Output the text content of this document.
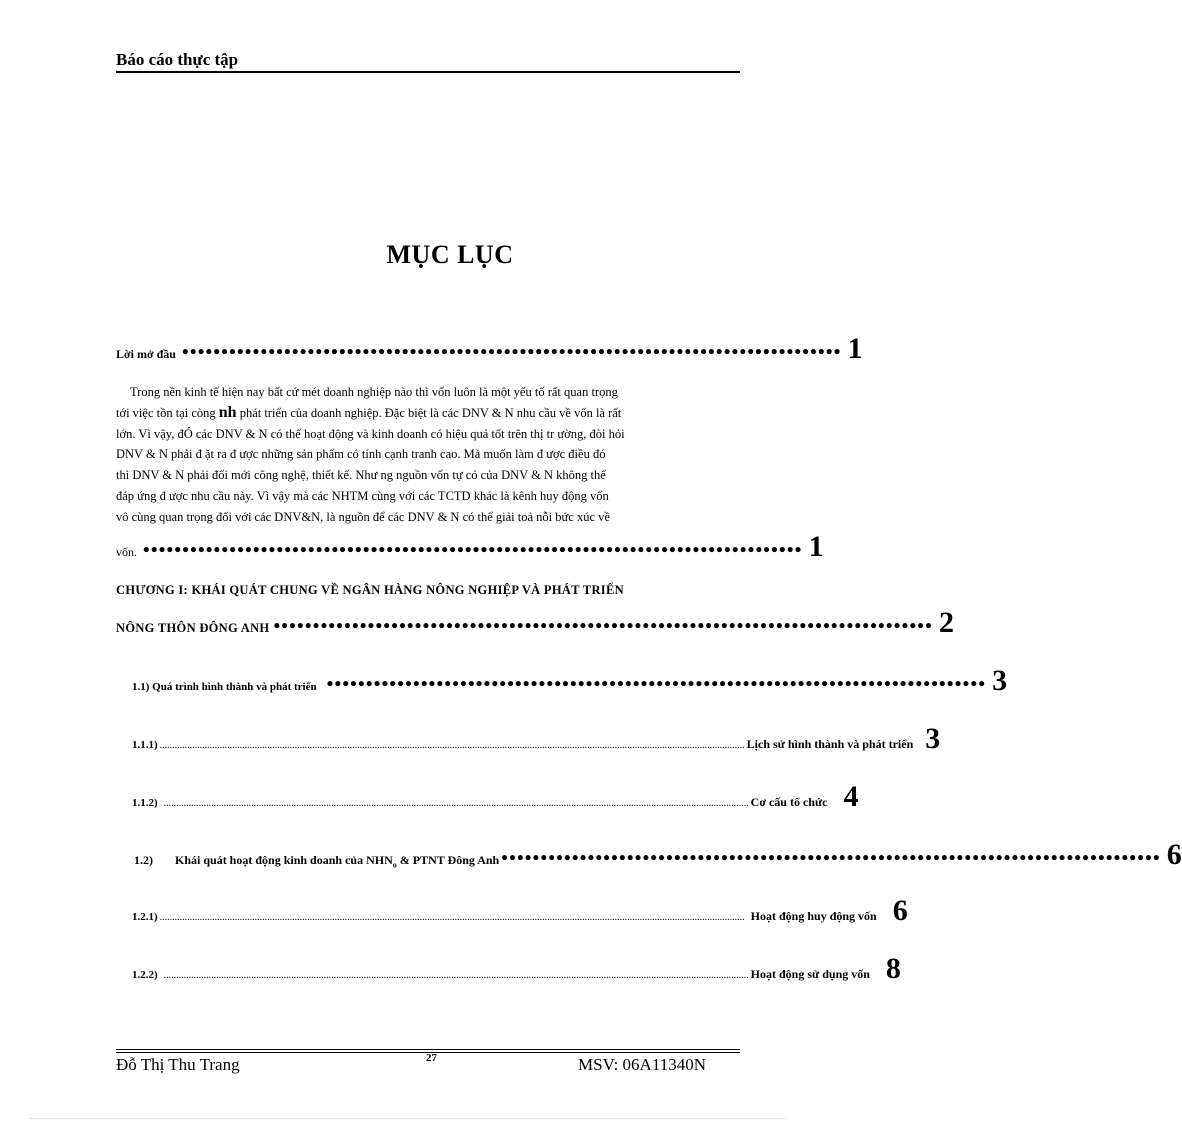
Báo cáo thực tập
MỤC LỤC
Lời mở đầu •••••••••••••••••••••••••••••••••••••••••••••••••••••••••••••••••••••••••••••••••••• 1

Trong nền kinh tế hiện nay bất cứ mét doanh nghiệp nào thì vốn luôn là một yếu tố rất quan trọng

tới việc tồn tại còng nh phát triển của doanh nghiệp. Đặc biệt là các DNV & N nhu cầu về vốn là rất

lớn. Vì vậy, đÓ các DNV & N có thể hoạt động và kinh doanh có hiệu quả tốt trên thị tr ường, đòi hỏi

DNV & N phải đ ặt ra đ ược những sản phẩm có tính cạnh tranh cao. Mà muốn làm đ ược điều đó

thì DNV & N phải đổi mới công nghệ, thiết kế. Như ng nguồn vốn tự có của DNV & N không thể

đáp ứng đ ược nhu cầu này. Vì vậy mà các NHTM cùng với các TCTD khác là kênh huy động vốn

vô cùng quan trọng đối với các DNV&N, là nguồn để các DNV & N có thể giải toả nỗi bức xúc về

vốn. •••••••••••••••••••••••••••••••••••••••••••••••••••••••••••••••••••••••••••••••••••• 1
CHƯƠNG I: KHÁI QUÁT CHUNG VỀ NGÂN HÀNG NÔNG NGHIỆP VÀ PHÁT TRIỂN
NÔNG THÔN ĐÔNG ANH •••••••••••••••••••••••••••••••••••••••••••••••••••••••••••••••••••••••••••••••••••• 2
1.1) Quá trình hình thành và phát triển •••••••••••••••••••••••••••••••••••••••••••••••••••••••••••••••••••••••••••••••••••• 3
1.1.1) .......................................................................................................................................................................................................................................... Lịch sử hình thành và phát triển 3
1.1.2) .......................................................................................................................................................................................................................................... Cơ cấu tổ chức 4
1.2) Khái quát hoạt động kinh doanh của $NHN_o$ & PTNT Đông Anh •••••••••••••••••••••••••••••••••••••••••••••••••••••••••••••••••••••••••••••••••••• 6
1.2.1) .......................................................................................................................................................................................................................................... Hoạt động huy động vốn 6
1.2.2) .......................................................................................................................................................................................................................................... Hoạt động sử dụng vốn 8
Đỗ Thị Thu Trang	27	MSV: 06A11340N
